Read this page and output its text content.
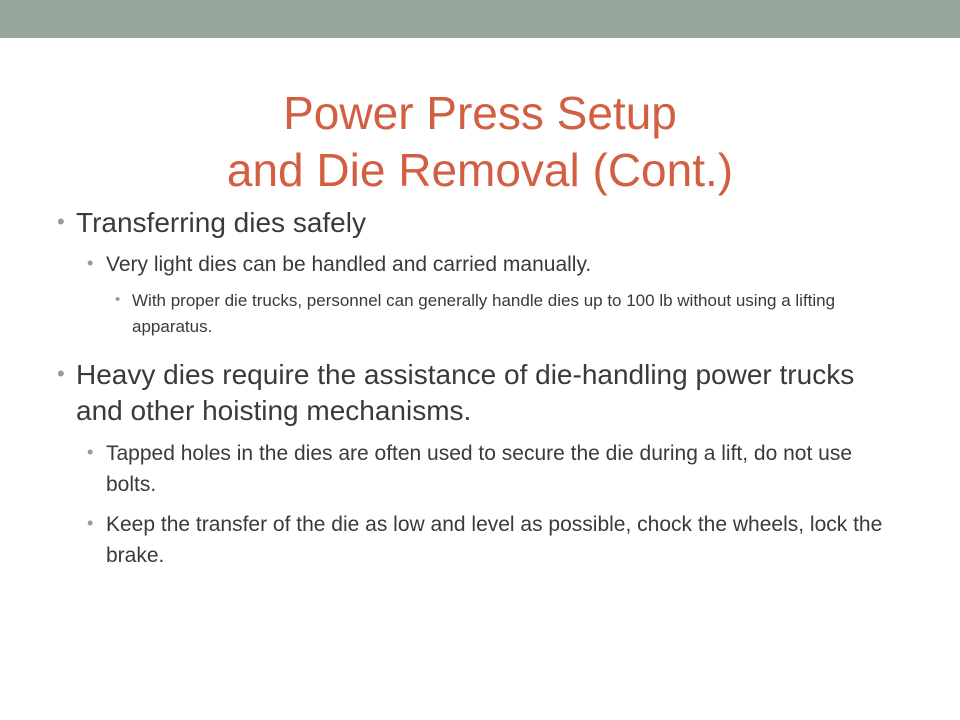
Power Press Setup
and Die Removal (Cont.)

• Transferring dies safely

• Very light dies can be handled and carried manually.

• With proper die trucks, personnel can generally handle dies up to 100 lb without using a lifting apparatus.

• Heavy dies require the assistance of die-handling power trucks and other hoisting mechanisms.

• Tapped holes in the dies are often used to secure the die during a lift, do not use bolts.

• Keep the transfer of the die as low and level as possible, chock the wheels, lock the brake.
